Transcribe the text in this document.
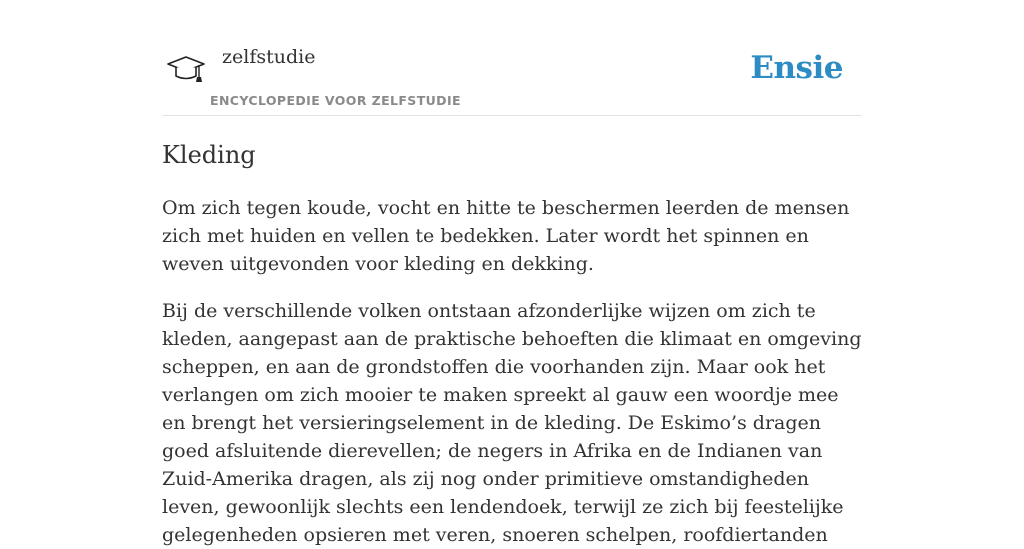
zelfstudie
ENCYCLOPEDIE VOOR ZELFSTUDIE
Ensie
Kleding

Om zich tegen koude, vocht en hitte te beschermen leerden de mensen zich met huiden en vellen te bedekken. Later wordt het spinnen en weven uitgevonden voor kleding en dekking.

Bij de verschillende volken ontstaan afzonderlijke wijzen om zich te kleden, aangepast aan de praktische behoeften die klimaat en omgeving scheppen, en aan de grondstoffen die voorhanden zijn. Maar ook het verlangen om zich mooier te maken spreekt al gauw een woordje mee en brengt het versieringselement in de kleding. De Eskimo’s dragen goed afsluitende dierevellen; de negers in Afrika en de Indianen van Zuid-Amerika dragen, als zij nog onder primitieve omstandigheden leven, gewoonlijk slechts een lendendoek, terwijl ze zich bij feestelijke gelegenheden opsieren met veren, snoeren schelpen, roofdiertanden
